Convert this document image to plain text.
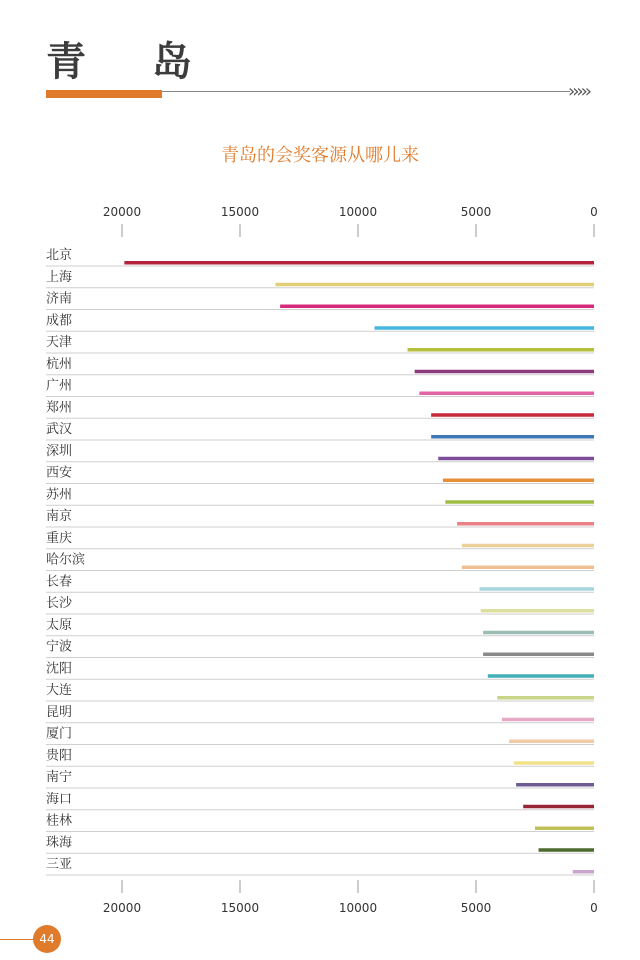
青 岛
›››››
青岛的会奖客源从哪儿来
20000
20000
15000
15000
10000
10000
5000
5000
0
0
北京
上海
济南
成都
天津
杭州
广州
郑州
武汉
深圳
西安
苏州
南京
重庆
哈尔滨
长春
长沙
太原
宁波
沈阳
大连
昆明
厦门
贵阳
南宁
海口
桂林
珠海
三亚
44
